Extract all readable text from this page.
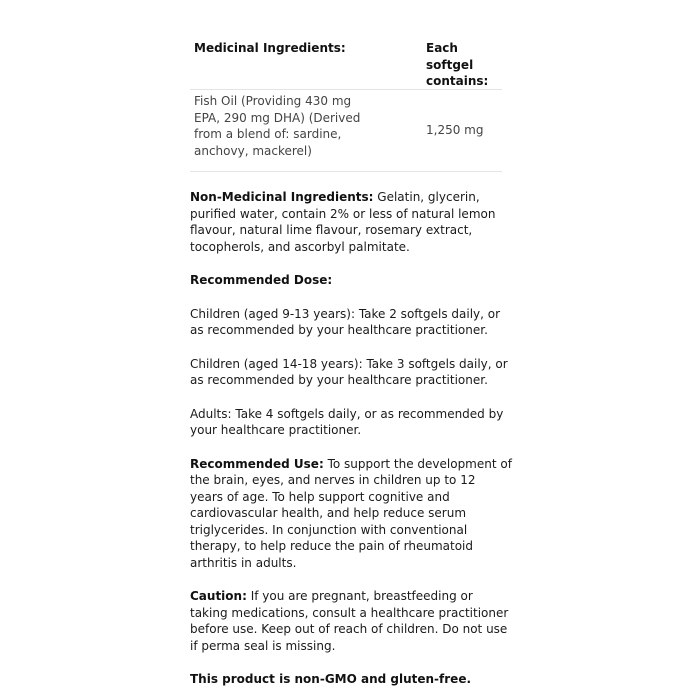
Medicinal Ingredients:	Each softgel contains:
Fish Oil (Providing 430 mg EPA, 290 mg DHA) (Derived from a blend of: sardine, anchovy, mackerel)
1,250 mg

Non-Medicinal Ingredients: Gelatin, glycerin, purified water, contain 2% or less of natural lemon flavour, natural lime flavour, rosemary extract, tocopherols, and ascorbyl palmitate.

Recommended Dose:

Children (aged 9-13 years): Take 2 softgels daily, or as recommended by your healthcare practitioner.

Children (aged 14-18 years): Take 3 softgels daily, or as recommended by your healthcare practitioner.

Adults: Take 4 softgels daily, or as recommended by your healthcare practitioner.

Recommended Use: To support the development of the brain, eyes, and nerves in children up to 12 years of age. To help support cognitive and cardiovascular health, and help reduce serum triglycerides. In conjunction with conventional therapy, to help reduce the pain of rheumatoid arthritis in adults.

Caution: If you are pregnant, breastfeeding or taking medications, consult a healthcare practitioner before use. Keep out of reach of children. Do not use if perma seal is missing.

This product is non-GMO and gluten-free.
